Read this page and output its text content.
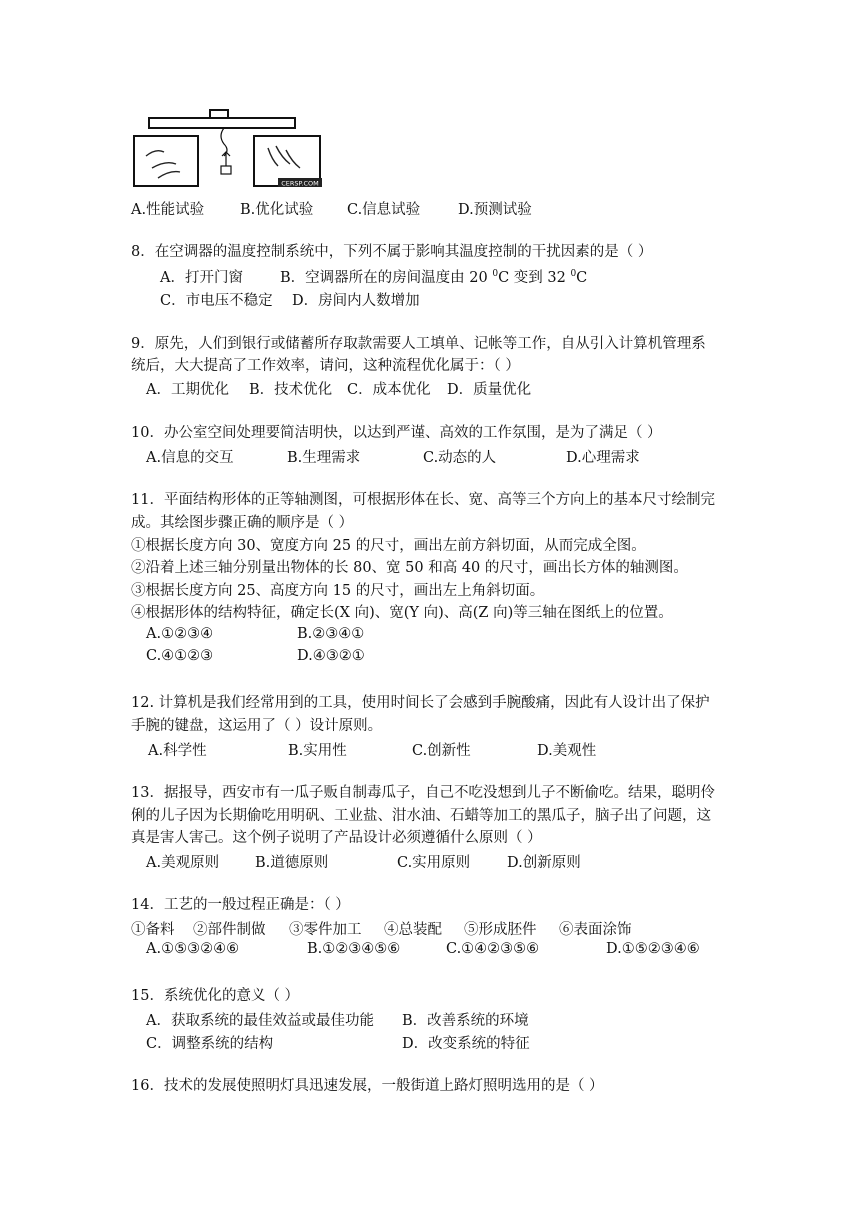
CERSP.COM
A.性能试验 B.优化试验 C.信息试验	D.预测试验
8．在空调器的温度控制系统中，下列不属于影响其温度控制的干扰因素的是（ ）
A．打开门窗	B．空调器所在的房间温度由 20 $^0$C 变到 32 $^0$C
C．市电压不稳定 D．房间内人数增加
9．原先，人们到银行或储蓄所存取款需要人工填单、记帐等工作，自从引入计算机管理系
统后，大大提高了工作效率，请问，这种流程优化属于：（ ）
A．工期优化 B．技术优化 C．成本优化 D．质量优化
10．办公室空间处理要简洁明快，以达到严谨、高效的工作氛围，是为了满足（ ）
A.信息的交互	B.生理需求	C.动态的人	D.心理需求
11．平面结构形体的正等轴测图，可根据形体在长、宽、高等三个方向上的基本尺寸绘制完
成。其绘图步骤正确的顺序是（ ）
①根据长度方向 30、宽度方向 25 的尺寸，画出左前方斜切面，从而完成全图。
②沿着上述三轴分别量出物体的长 80、宽 50 和高 40 的尺寸，画出长方体的轴测图。
③根据长度方向 25、高度方向 15 的尺寸，画出左上角斜切面。
④根据形体的结构特征，确定长(X 向)、宽(Y 向)、高(Z 向)等三轴在图纸上的位置。
A.①②③④	B.②③④①
C.④①②③	D.④③②①
12. 计算机是我们经常用到的工具，使用时间长了会感到手腕酸痛，因此有人设计出了保护
手腕的键盘，这运用了（ ）设计原则。
A.科学性	B.实用性	C.创新性	D.美观性
13．据报导，西安市有一瓜子贩自制毒瓜子，自己不吃没想到儿子不断偷吃。结果，聪明伶
俐的儿子因为长期偷吃用明矾、工业盐、泔水油、石蜡等加工的黑瓜子，脑子出了问题，这
真是害人害己。这个例子说明了产品设计必须遵循什么原则（ ）
A.美观原则 B.道德原则	C.实用原则	D.创新原则
14．工艺的一般过程正确是：（ ）
①备料 ②部件制做 ③零件加工 ④总装配 ⑤形成胚件 ⑥表面涂饰
A.①⑤③②④⑥	B.①②③④⑤⑥	C.①④②③⑤⑥	D.①⑤②③④⑥
15．系统优化的意义（ ）
A．获取系统的最佳效益或最佳功能 B．改善系统的环境
C．调整系统的结构	D．改变系统的特征
16．技术的发展使照明灯具迅速发展，一般街道上路灯照明选用的是（ ）
